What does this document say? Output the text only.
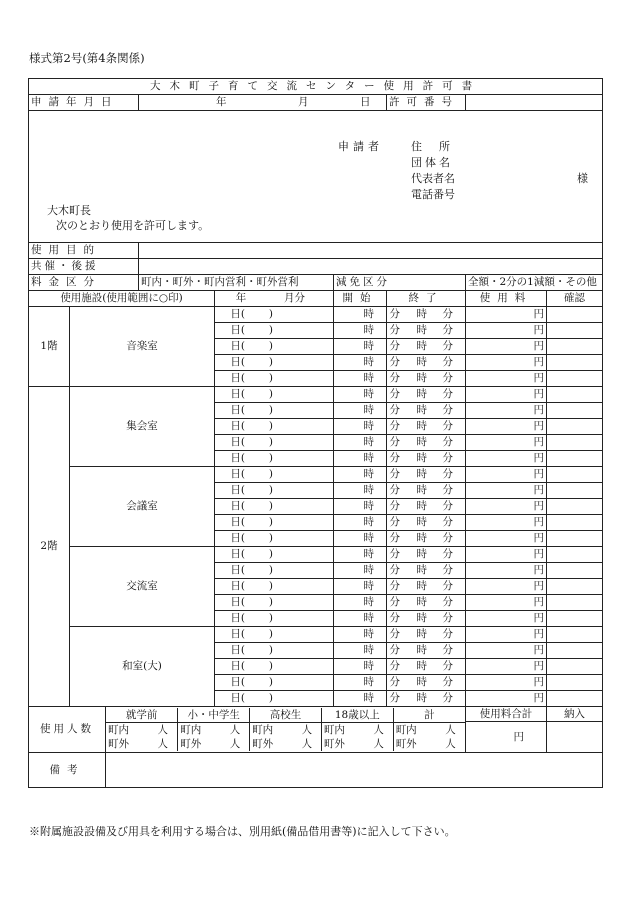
様式第2号(第4条関係)
大木町子育て交流センター使用許可書
申請年月日	年	月	日	許可番号	

申請者	住　所
団体名
代表者名
電話番号
様
大木町長
次のとおり使用を許可します。

使用目的	
共催・後援	
料金区分	町内・町外・町内営利・町外営利	減免区分	全額・2分の1減額・その他
使用施設(使用範囲に○印)	年	月分	開始	終了	使用料	確認
1階	音楽室	日( )	時 分	時 分	円	
日( )	時 分	時 分	円	
日( )	時 分	時 分	円	
日( )	時 分	時 分	円	
日( )	時 分	時 分	円	
2階	集会室	日( )	時 分	時 分	円	
日( )	時 分	時 分	円	
日( )	時 分	時 分	円	
日( )	時 分	時 分	円	
日( )	時 分	時 分	円	
会議室	日( )	時 分	時 分	円	
日( )	時 分	時 分	円	
日( )	時 分	時 分	円	
日( )	時 分	時 分	円	
日( )	時 分	時 分	円	
交流室	日( )	時 分	時 分	円	
日( )	時 分	時 分	円	
日( )	時 分	時 分	円	
日( )	時 分	時 分	円	
日( )	時 分	時 分	円	
和室(大)	日( )	時 分	時 分	円	
日( )	時 分	時 分	円	
日( )	時 分	時 分	円	
日( )	時 分	時 分	円	
日( )	時 分	時 分	円	
使用人数	
就学前	小・中学生	高校生	18歳以上	計
町内	人	町内	人	町内	人	町内	人	町内	人
町外	人	町外	人	町外	人	町外	人	町外	人

使用料合計
円

納入

備考	
※附属施設設備及び用具を利用する場合は、別用紙(備品借用書等)に記入して下さい。
